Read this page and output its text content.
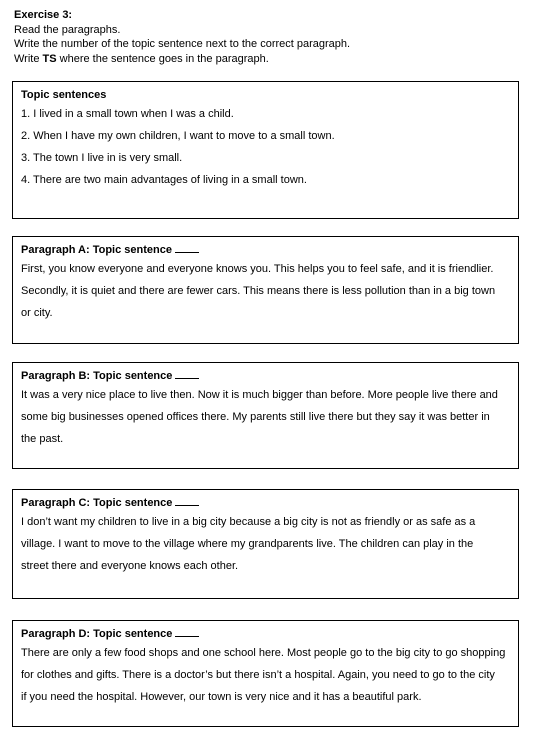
Exercise 3:
Read the paragraphs.
Write the number of the topic sentence next to the correct paragraph.
Write TS where the sentence goes in the paragraph.
Topic sentences
1. I lived in a small town when I was a child.
2. When I have my own children, I want to move to a small town.
3. The town I live in is very small.
4. There are two main advantages of living in a small town.
Paragraph A: Topic sentence
First, you know everyone and everyone knows you. This helps you to feel safe, and it is friendlier.
Secondly, it is quiet and there are fewer cars. This means there is less pollution than in a big town
or city.
Paragraph B: Topic sentence
It was a very nice place to live then. Now it is much bigger than before. More people live there and
some big businesses opened offices there. My parents still live there but they say it was better in
the past.
Paragraph C: Topic sentence
I don’t want my children to live in a big city because a big city is not as friendly or as safe as a
village. I want to move to the village where my grandparents live. The children can play in the
street there and everyone knows each other.
Paragraph D: Topic sentence
There are only a few food shops and one school here. Most people go to the big city to go shopping
for clothes and gifts. There is a doctor’s but there isn’t a hospital. Again, you need to go to the city
if you need the hospital. However, our town is very nice and it has a beautiful park.
